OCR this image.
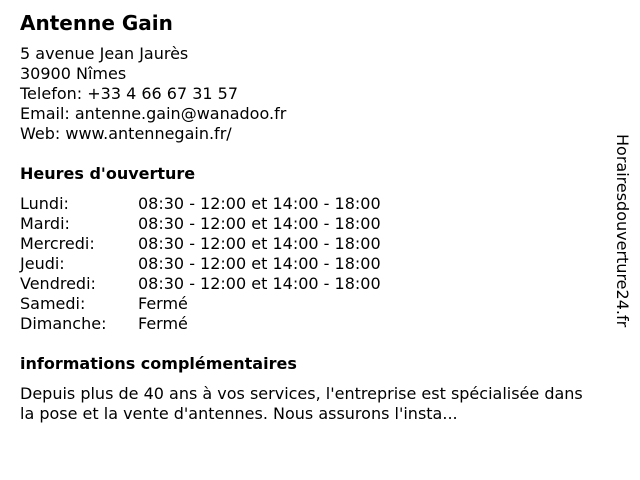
Antenne Gain
5 avenue Jean Jaurès
30900 Nîmes
Telefon: +33 4 66 67 31 57
Email: antenne.gain@wanadoo.fr
Web: www.antennegain.fr/
Heures d'ouverture
Lundi:	08:30 - 12:00 et 14:00 - 18:00
Mardi:	08:30 - 12:00 et 14:00 - 18:00
Mercredi:	08:30 - 12:00 et 14:00 - 18:00
Jeudi:	08:30 - 12:00 et 14:00 - 18:00
Vendredi:	08:30 - 12:00 et 14:00 - 18:00
Samedi:	Fermé
Dimanche:	Fermé
informations complémentaires
Depuis plus de 40 ans à vos services, l'entreprise est spécialisée dans la pose et la vente d'antennes. Nous assurons l'insta...
Horairesdouverture24.fr
